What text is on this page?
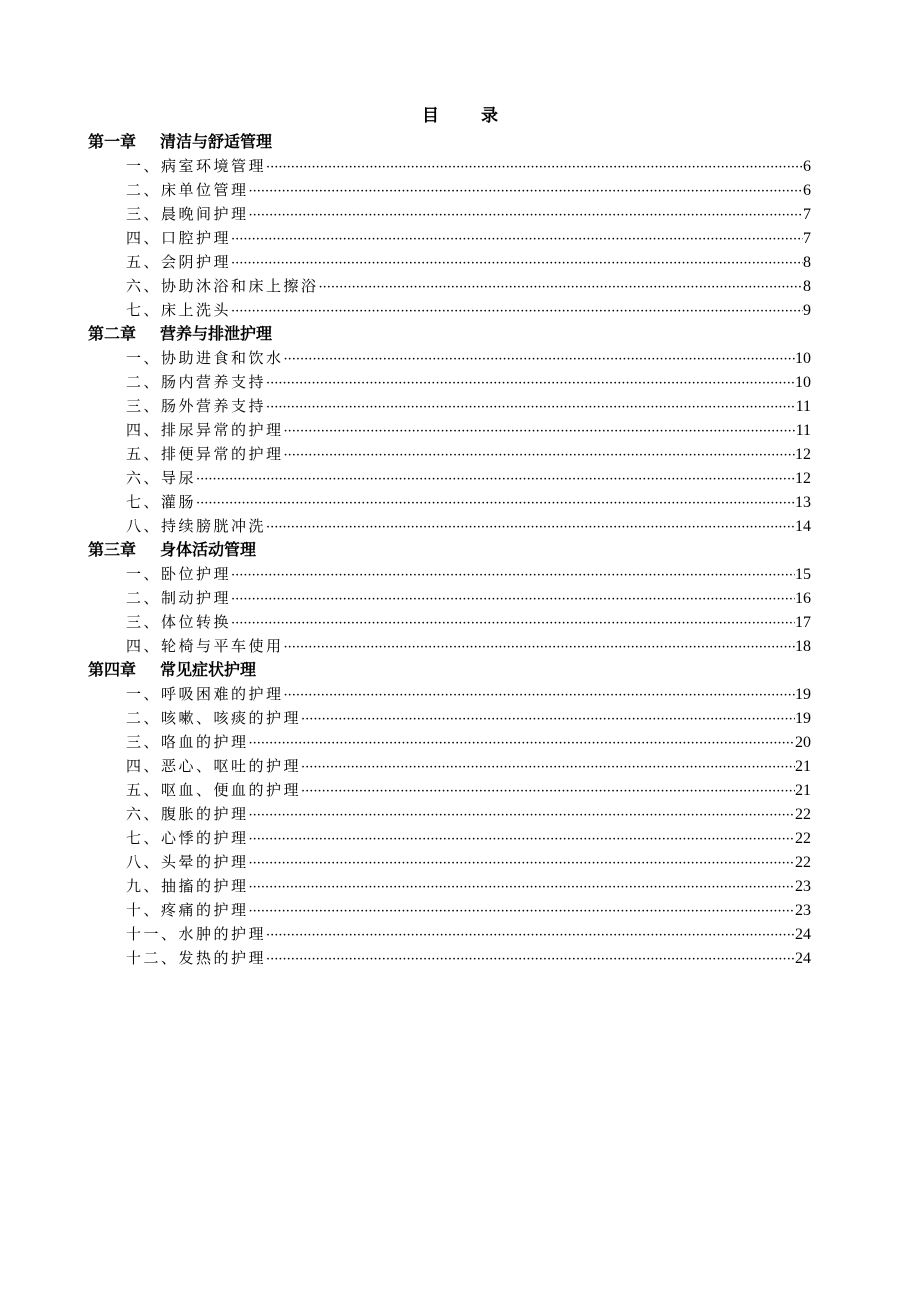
目 录
第一章 清洁与舒适管理
一、病室环境管理 ·····	6
二、床单位管理 ·····	6
三、晨晚间护理 ·····	7
四、口腔护理 ·····	7
五、会阴护理 ·····	8
六、协助沐浴和床上擦浴 ·····	8
七、床上洗头 ·····	9
第二章 营养与排泄护理
一、协助进食和饮水 ·····	10
二、肠内营养支持 ·····	10
三、肠外营养支持 ·····	11
四、排尿异常的护理 ·····	11
五、排便异常的护理 ·····	12
六、导尿 ·····	12
七、灌肠 ·····	13
八、持续膀胱冲洗 ·····	14
第三章 身体活动管理
一、卧位护理 ·····	15
二、制动护理 ·····	16
三、体位转换 ·····	17
四、轮椅与平车使用 ·····	18
第四章 常见症状护理
一、呼吸困难的护理 ·····	19
二、咳嗽、咳痰的护理 ·····	19
三、咯血的护理 ·····	20
四、恶心、呕吐的护理 ·····	21
五、呕血、便血的护理 ·····	21
六、腹胀的护理 ·····	22
七、心悸的护理 ·····	22
八、头晕的护理 ·····	22
九、抽搐的护理 ·····	23
十、疼痛的护理 ·····	23
十一、水肿的护理 ·····	24
十二、发热的护理 ·····	24
